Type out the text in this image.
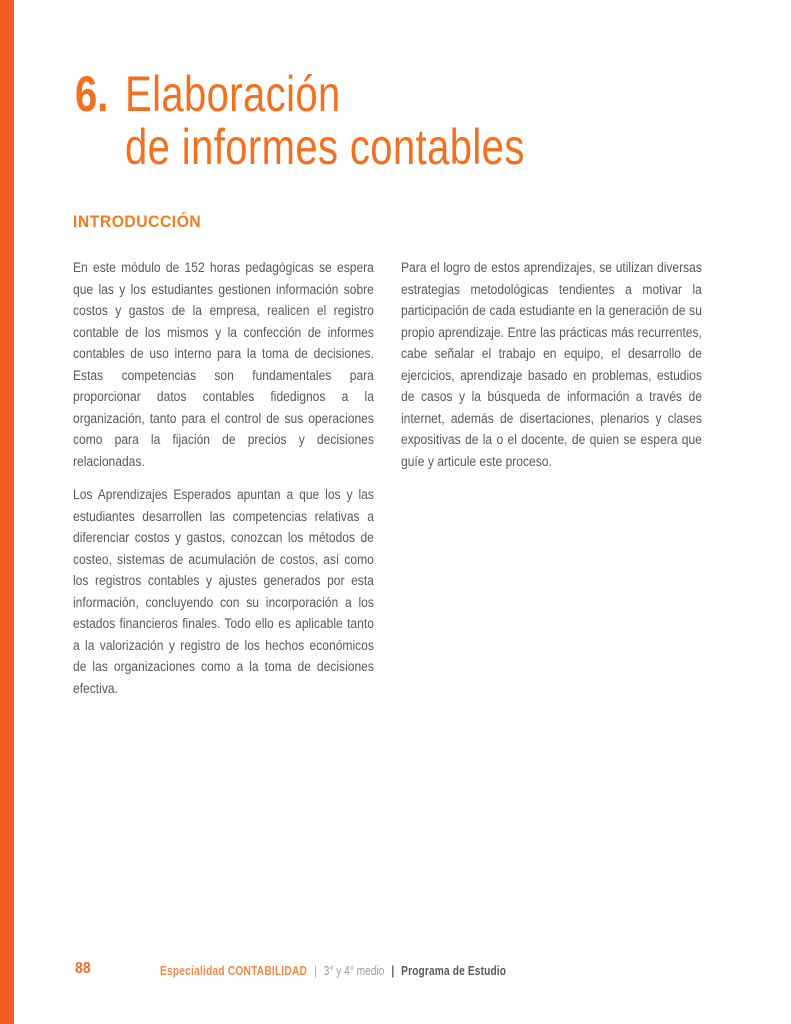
6. Elaboración
de informes contables
INTRODUCCIÓN

En este módulo de 152 horas pedagógicas se espera que las y los estudiantes gestionen información sobre costos y gastos de la empresa, realicen el registro contable de los mismos y la confección de informes contables de uso interno para la toma de decisiones. Estas competencias son fundamentales para proporcionar datos contables fidedignos a la organización, tanto para el control de sus operaciones como para la fijación de precios y decisiones relacionadas.

Los Aprendizajes Esperados apuntan a que los y las estudiantes desarrollen las competencias relativas a diferenciar costos y gastos, conozcan los métodos de costeo, sistemas de acumulación de costos, así como los registros contables y ajustes generados por esta información, concluyendo con su incorporación a los estados financieros finales. Todo ello es aplicable tanto a la valorización y registro de los hechos económicos de las organizaciones como a la toma de decisiones efectiva.

Para el logro de estos aprendizajes, se utilizan diversas estrategias metodológicas tendientes a motivar la participación de cada estudiante en la generación de su propio aprendizaje. Entre las prácticas más recurrentes, cabe señalar el trabajo en equipo, el desarrollo de ejercicios, aprendizaje basado en problemas, estudios de casos y la búsqueda de información a través de internet, además de disertaciones, plenarios y clases expositivas de la o el docente, de quien se espera que guíe y articule este proceso.

88	Especialidad CONTABILIDAD | 3° y 4° medio | Programa de Estudio
